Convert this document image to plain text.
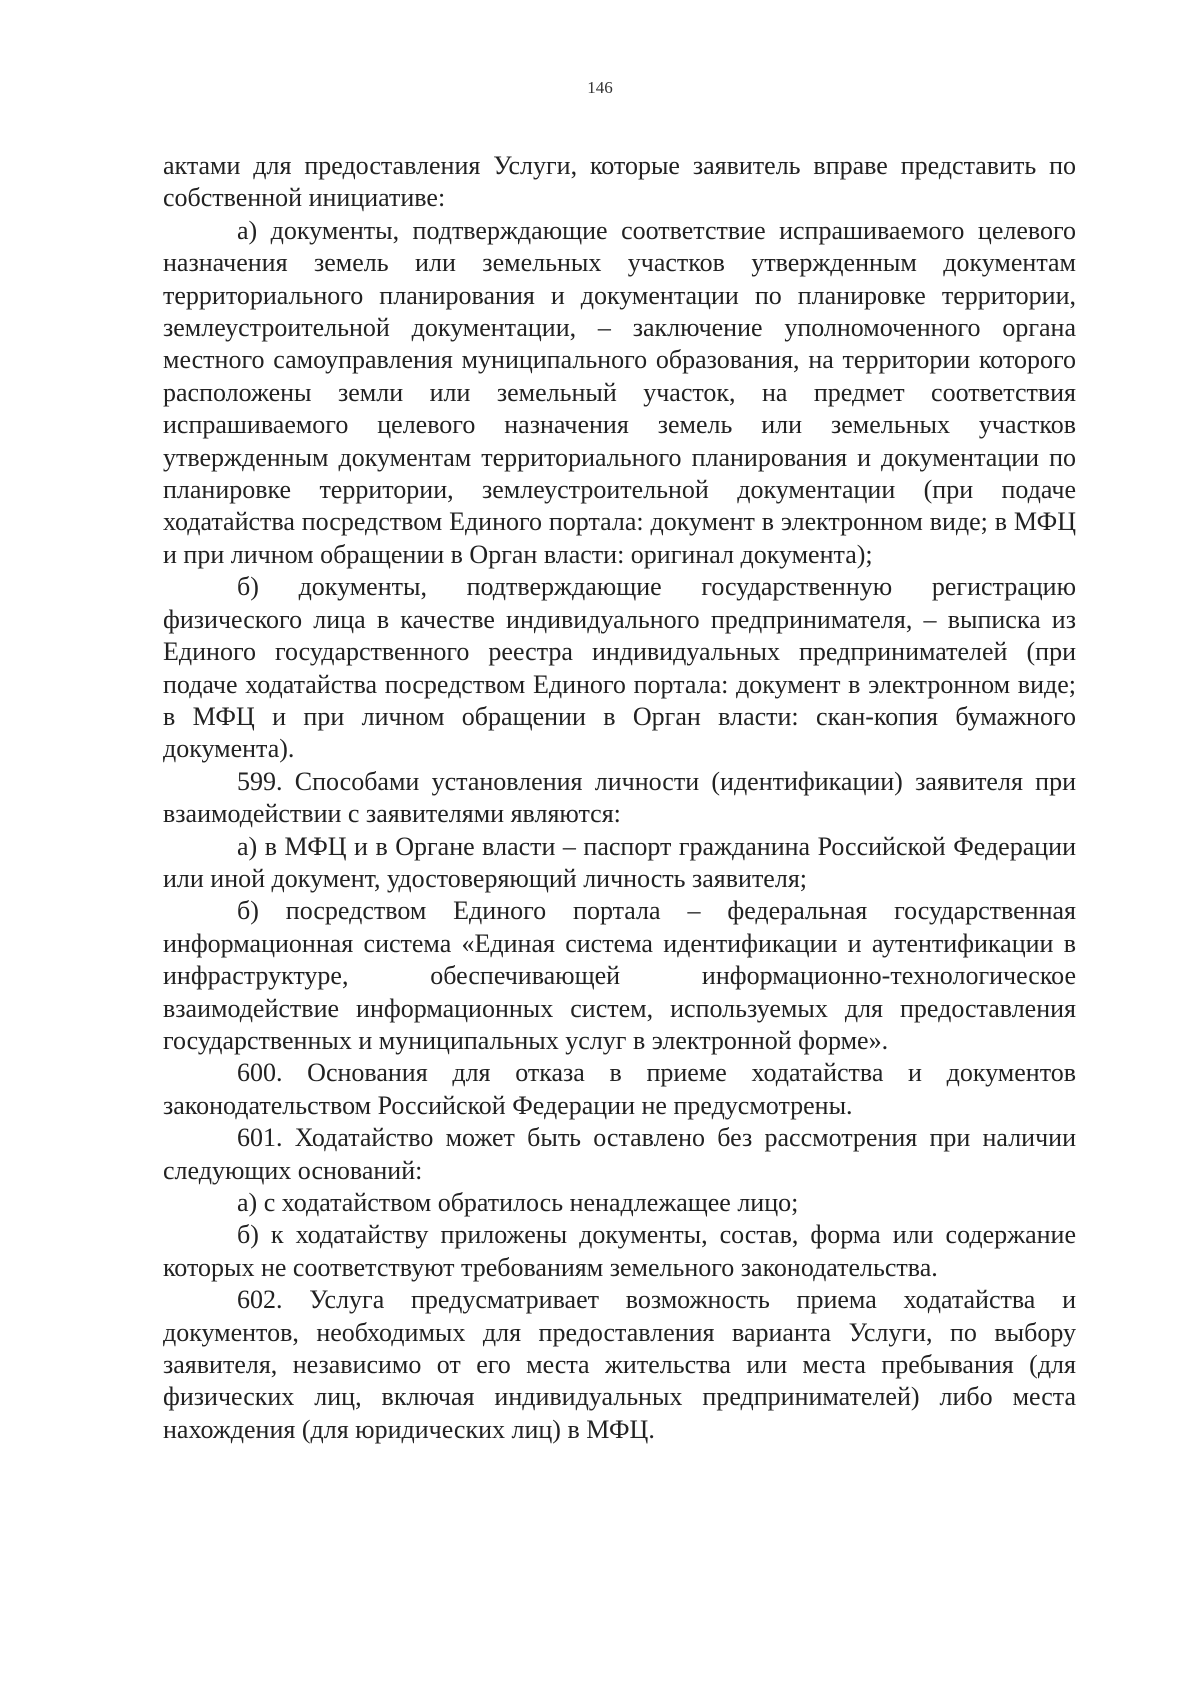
146

актами для предоставления Услуги, которые заявитель вправе представить по собственной инициативе:

а) документы, подтверждающие соответствие испрашиваемого целевого назначения земель или земельных участков утвержденным документам территориального планирования и документации по планировке территории, землеустроительной документации, – заключение уполномоченного органа местного самоуправления муниципального образования, на территории которого расположены земли или земельный участок, на предмет соответствия испрашиваемого целевого назначения земель или земельных участков утвержденным документам территориального планирования и документации по планировке территории, землеустроительной документации (при подаче ходатайства посредством Единого портала: документ в электронном виде; в МФЦ и при личном обращении в Орган власти: оригинал документа);

б) документы, подтверждающие государственную регистрацию физического лица в качестве индивидуального предпринимателя, – выписка из Единого государственного реестра индивидуальных предпринимателей (при подаче ходатайства посредством Единого портала: документ в электронном виде; в МФЦ и при личном обращении в Орган власти: скан-копия бумажного документа).

599. Способами установления личности (идентификации) заявителя при взаимодействии с заявителями являются:

а) в МФЦ и в Органе власти – паспорт гражданина Российской Федерации или иной документ, удостоверяющий личность заявителя;

б) посредством Единого портала – федеральная государственная информационная система «Единая система идентификации и аутентификации в инфраструктуре, обеспечивающей информационно-технологическое взаимодействие информационных систем, используемых для предоставления государственных и муниципальных услуг в электронной форме».

600. Основания для отказа в приеме ходатайства и документов законодательством Российской Федерации не предусмотрены.

601. Ходатайство может быть оставлено без рассмотрения при наличии следующих оснований:

а) с ходатайством обратилось ненадлежащее лицо;

б) к ходатайству приложены документы, состав, форма или содержание которых не соответствуют требованиям земельного законодательства.

602. Услуга предусматривает возможность приема ходатайства и документов, необходимых для предоставления варианта Услуги, по выбору заявителя, независимо от его места жительства или места пребывания (для физических лиц, включая индивидуальных предпринимателей) либо места нахождения (для юридических лиц) в МФЦ.
